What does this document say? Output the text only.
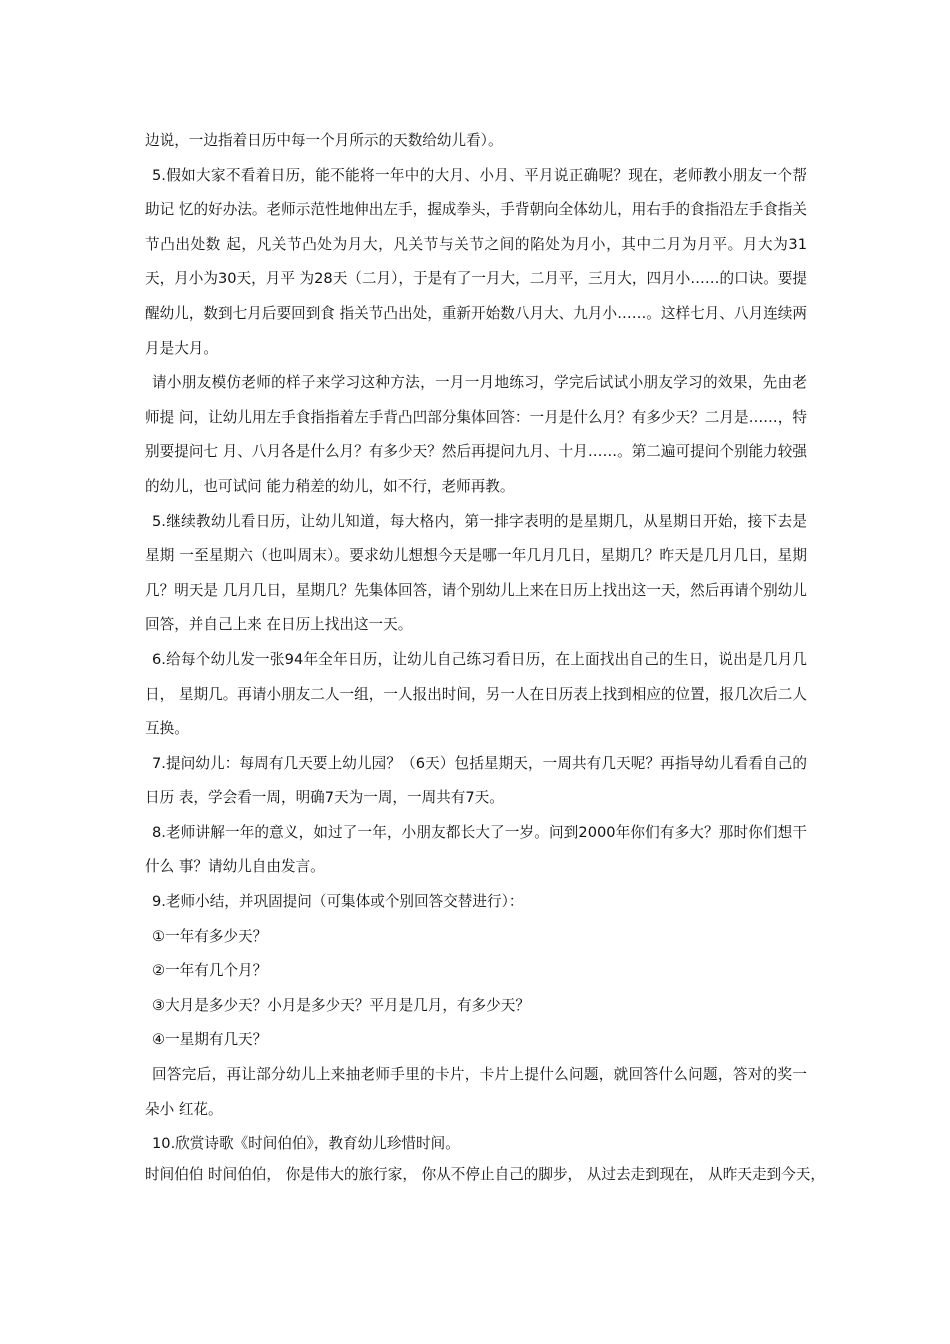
边说，一边指着日历中每一个月所示的天数给幼儿看）。

5.假如大家不看着日历，能不能将一年中的大月、小月、平月说正确呢？现在，老师教小朋友一个帮助记 忆的好办法。老师示范性地伸出左手，握成拳头，手背朝向全体幼儿，用右手的食指沿左手食指关节凸出处数 起，凡关节凸处为月大，凡关节与关节之间的陷处为月小，其中二月为月平。月大为31天，月小为30天，月平 为28天（二月），于是有了一月大，二月平，三月大，四月小……的口诀。要提醒幼儿，数到七月后要回到食 指关节凸出处，重新开始数八月大、九月小……。这样七月、八月连续两月是大月。

请小朋友模仿老师的样子来学习这种方法，一月一月地练习，学完后试试小朋友学习的效果，先由老师提 问，让幼儿用左手食指指着左手背凸凹部分集体回答：一月是什么月？有多少天？二月是……，特别要提问七 月、八月各是什么月？有多少天？然后再提问九月、十月……。第二遍可提问个别能力较强的幼儿，也可试问 能力稍差的幼儿，如不行，老师再教。

5.继续教幼儿看日历，让幼儿知道，每大格内，第一排字表明的是星期几，从星期日开始，接下去是星期 一至星期六（也叫周末）。要求幼儿想想今天是哪一年几月几日，星期几？昨天是几月几日，星期几？明天是 几月几日，星期几？先集体回答，请个别幼儿上来在日历上找出这一天，然后再请个别幼儿回答，并自己上来 在日历上找出这一天。

6.给每个幼儿发一张94年全年日历，让幼儿自己练习看日历，在上面找出自己的生日，说出是几月几日， 星期几。再请小朋友二人一组，一人报出时间，另一人在日历表上找到相应的位置，报几次后二人互换。

7.提问幼儿：每周有几天要上幼儿园？（6天）包括星期天，一周共有几天呢？再指导幼儿看看自己的日历 表，学会看一周，明确7天为一周，一周共有7天。

8.老师讲解一年的意义，如过了一年，小朋友都长大了一岁。问到2000年你们有多大？那时你们想干什么 事？请幼儿自由发言。

9.老师小结，并巩固提问（可集体或个别回答交替进行）：

①一年有多少天？

②一年有几个月？

③大月是多少天？小月是多少天？平月是几月，有多少天？

④一星期有几天？

回答完后，再让部分幼儿上来抽老师手里的卡片，卡片上提什么问题，就回答什么问题，答对的奖一朵小 红花。

10.欣赏诗歌《时间伯伯》，教育幼儿珍惜时间。

时间伯伯 时间伯伯， 你是伟大的旅行家， 你从不停止自己的脚步， 从过去走到现在， 从昨天走到今天，
